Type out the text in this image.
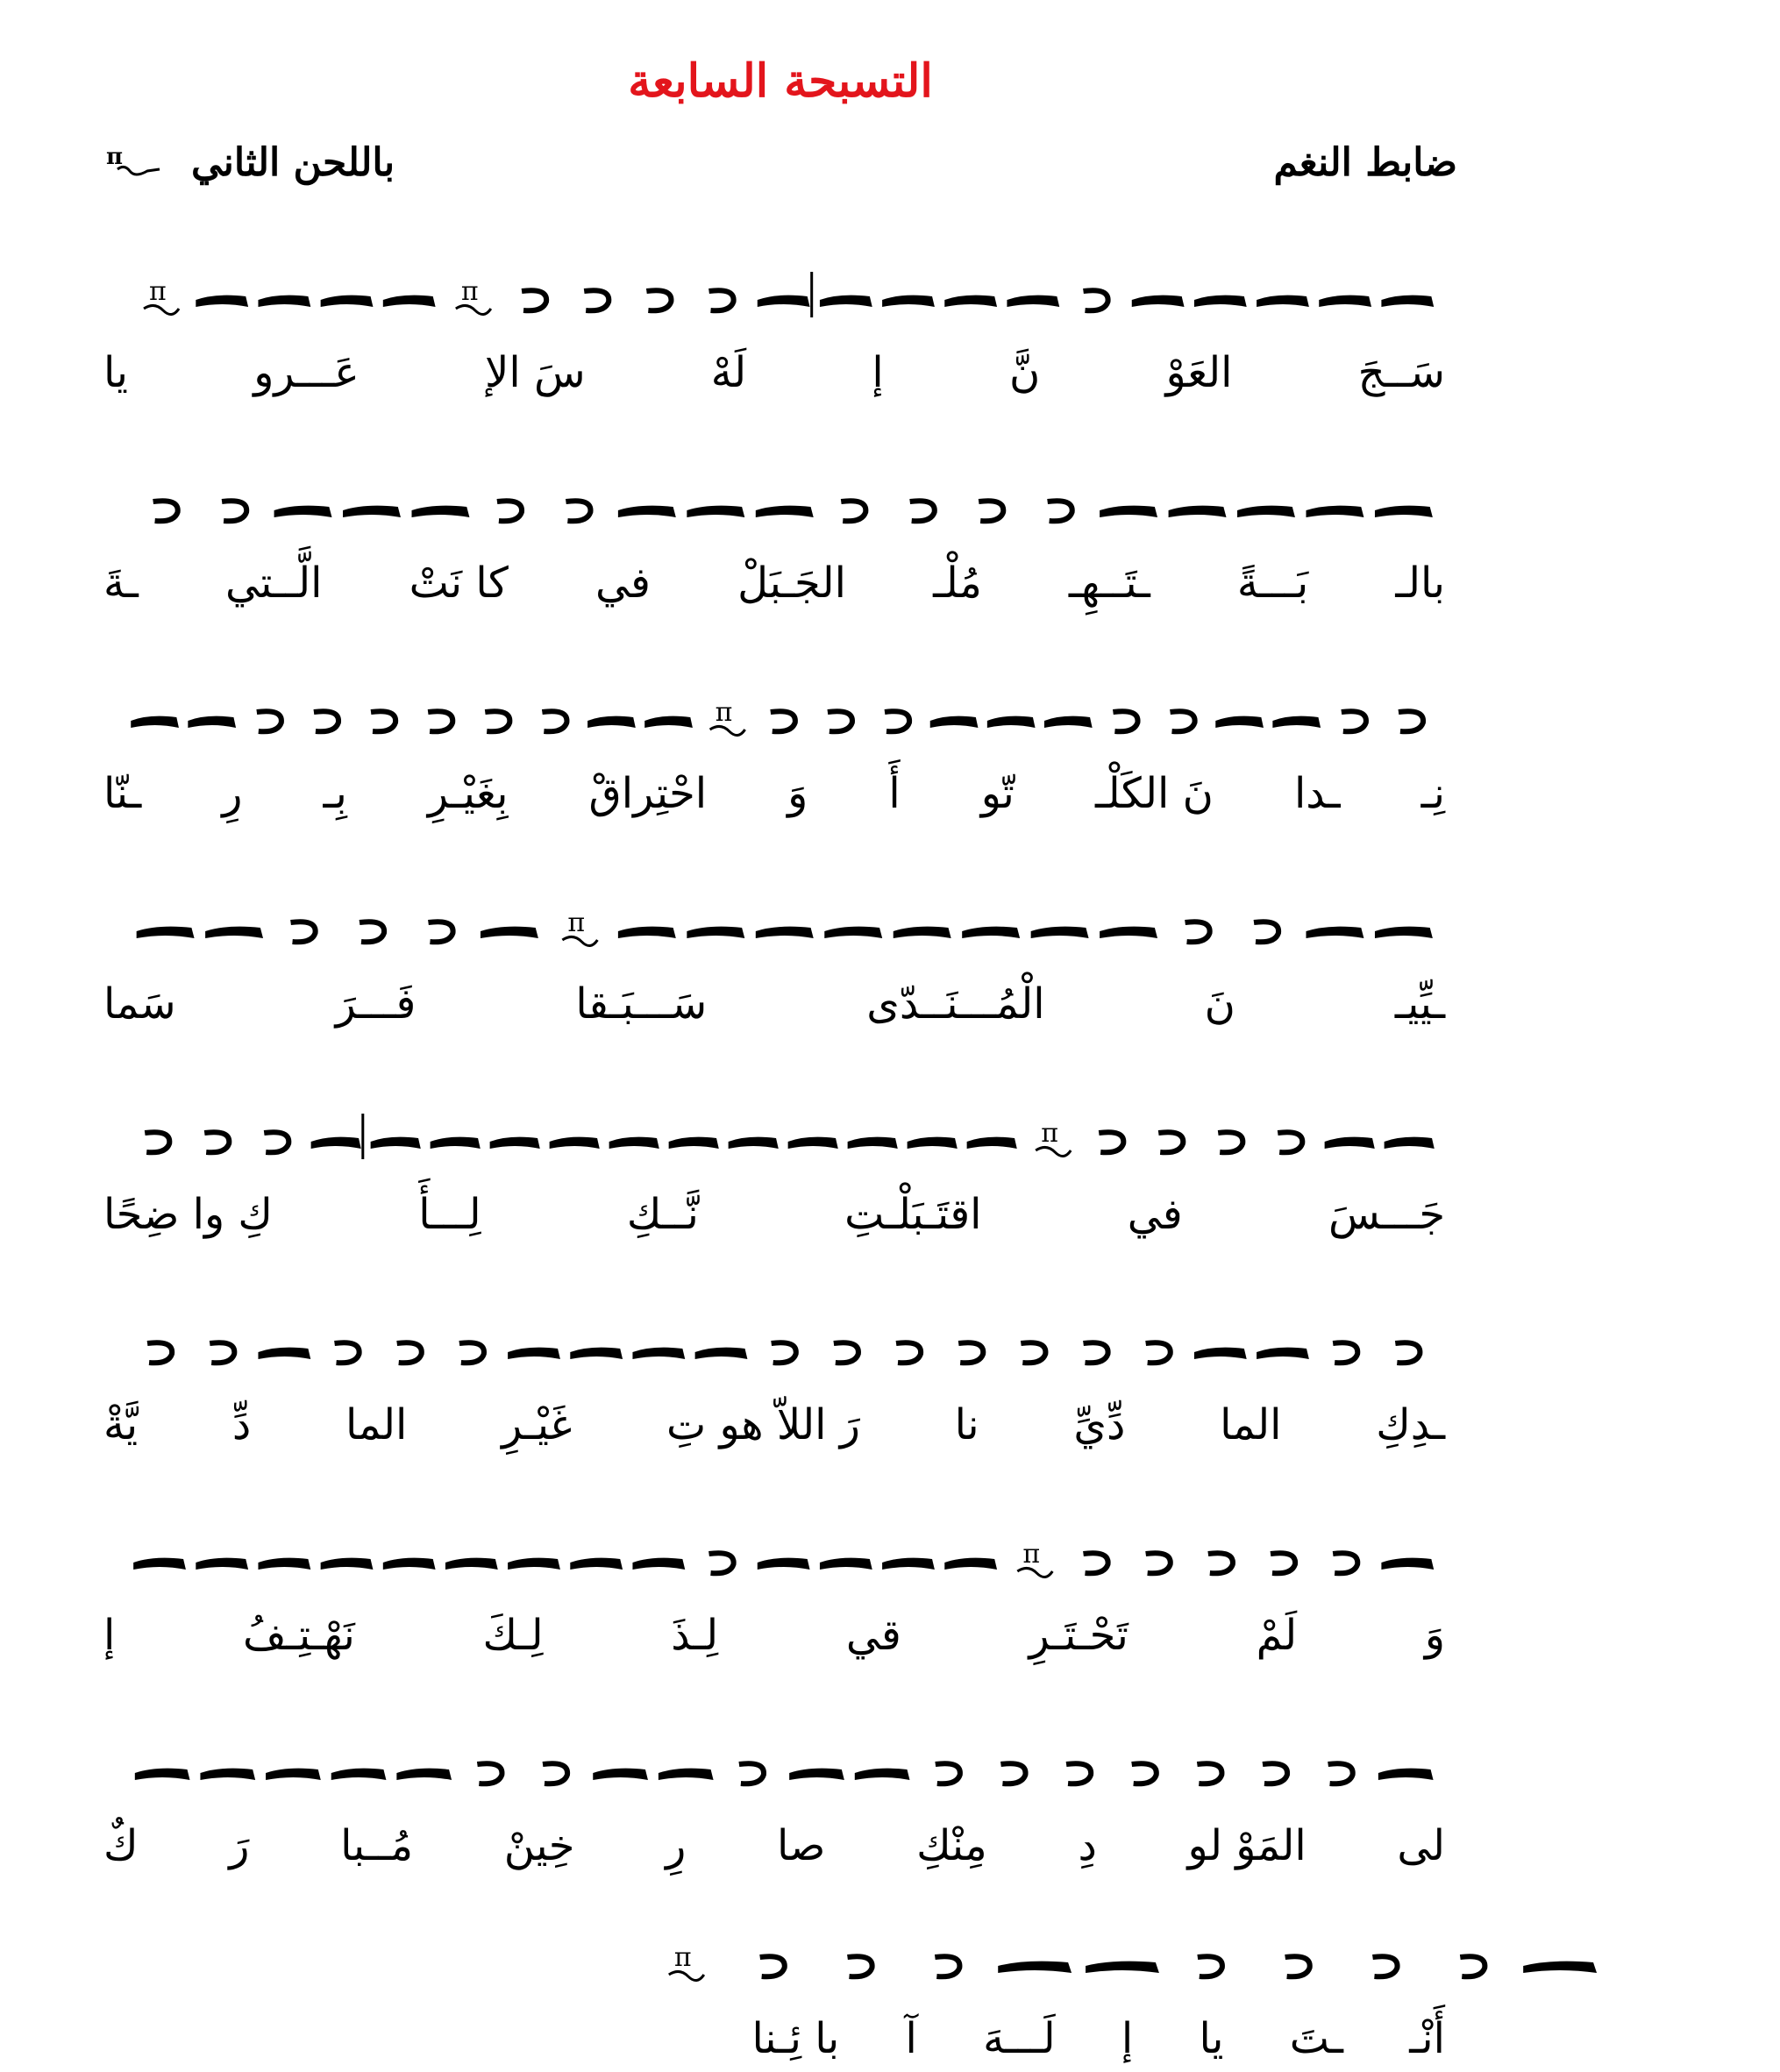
التسبحة السابعة
ضابط النغم
باللحن الثاني
π
π
π
سَــجَ العَوْ نَّ إ لَهْ سَ الإ عَـــرو يا
بالـ بَـــةً ـتَــهِـ مُلْـ الجَـبَلْ في كا نَتْ الَّــتي ـةَ
π
نِـ ـدا نَ الكَلْـ تّو أَ وَ احْتِراقْ بِغَيْـرِ بِـ رِ ـنّا
π
ـيِّيـ نَ الْمُـــنَــدّى سَـــبَـقا فَـــرَ سَما
π
جَـــسَ في اقتَـبَلْـتِ نَّــكِ لِـــأَ كِ وا ضِحًا
ـدِكِ الما دِّيِّ نا رَ اللاّ هو تِ غَيْـرِ الما دِّ يَّةْ
π
وَ لَمْ تَحْـتَـرِ قي لِـذَ لِـكَ نَهْـتِـفُ إ
لى المَوْ لو دِ مِنْكِ صا رِ خِينْ مُــبا رَ كٌ
π
أَنْـ ـتَ يا إ لَـــهَ آ با ئِـنا
